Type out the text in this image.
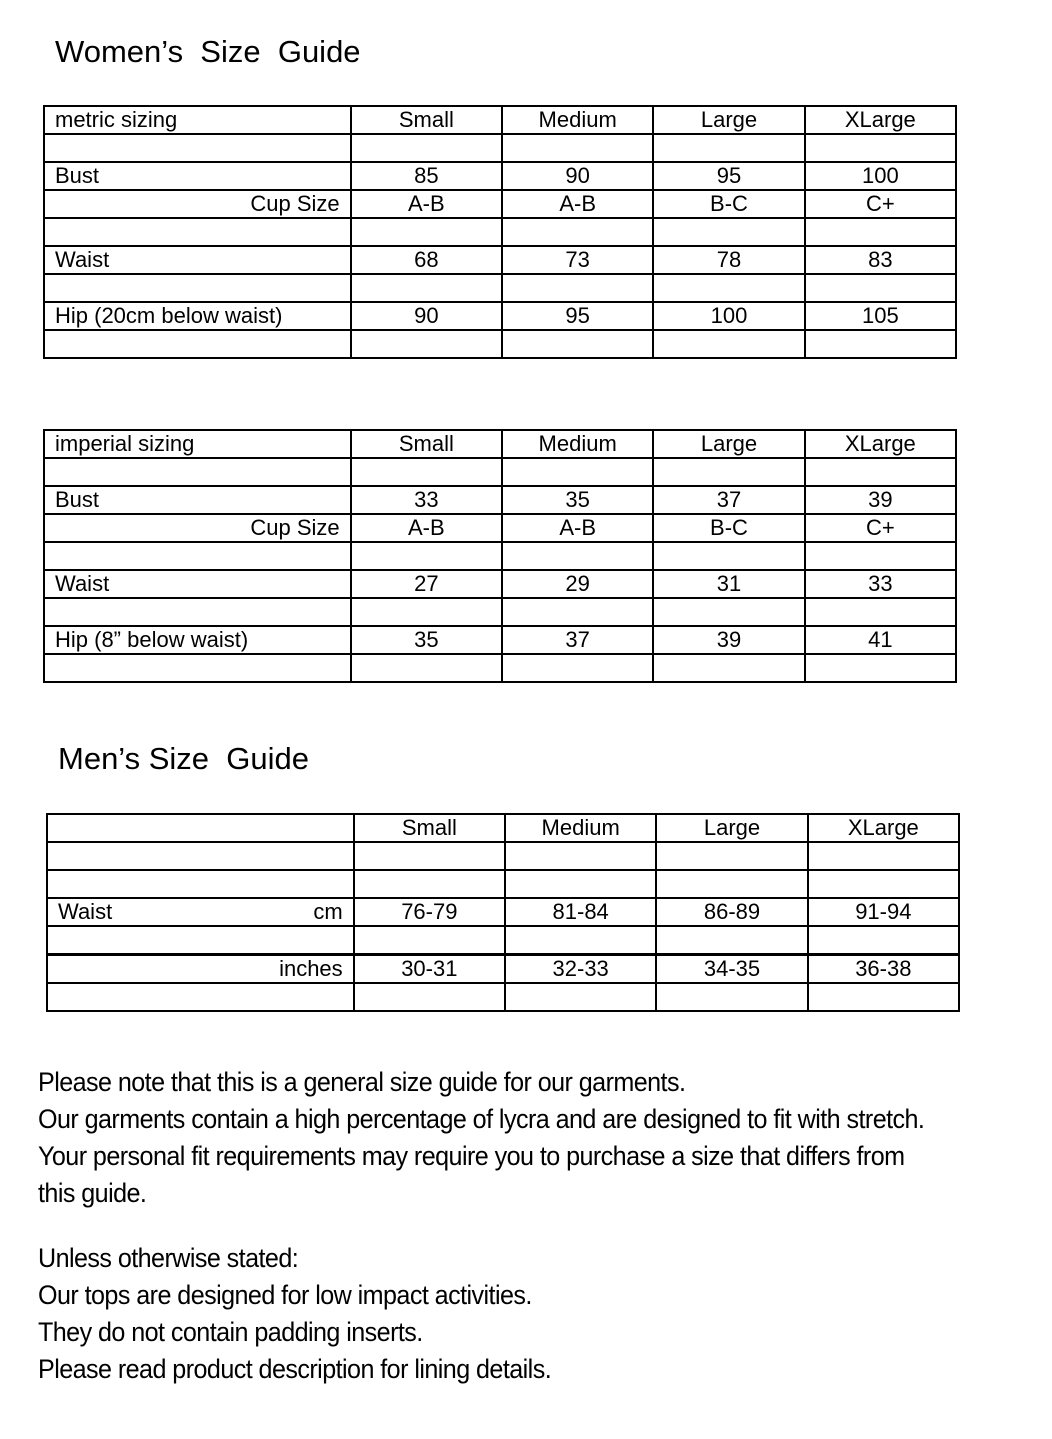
Women’s  Size  Guide
metric sizing	Small	Medium	Large	XLarge

Bust	85	90	95	100
Cup Size	A-B	A-B	B-C	C+

Waist	68	73	78	83

Hip (20cm below waist)	90	95	100	105

imperial sizing	Small	Medium	Large	XLarge

Bust	33	35	37	39
Cup Size	A-B	A-B	B-C	C+

Waist	27	29	31	33

Hip (8” below waist)	35	37	39	41

Men’s Size  Guide
	Small	Medium	Large	XLarge

Waist cm	76-79	81-84	86-89	91-94

inches	30-31	32-33	34-35	36-38

Please note that this is a general size guide for our garments.

Our garments contain a high percentage of lycra and are designed to fit with stretch.

Your personal fit requirements may require you to purchase a size that differs from

this guide.

Unless otherwise stated:

Our tops are designed for low impact activities.

They do not contain padding inserts.

Please read product description for lining details.
